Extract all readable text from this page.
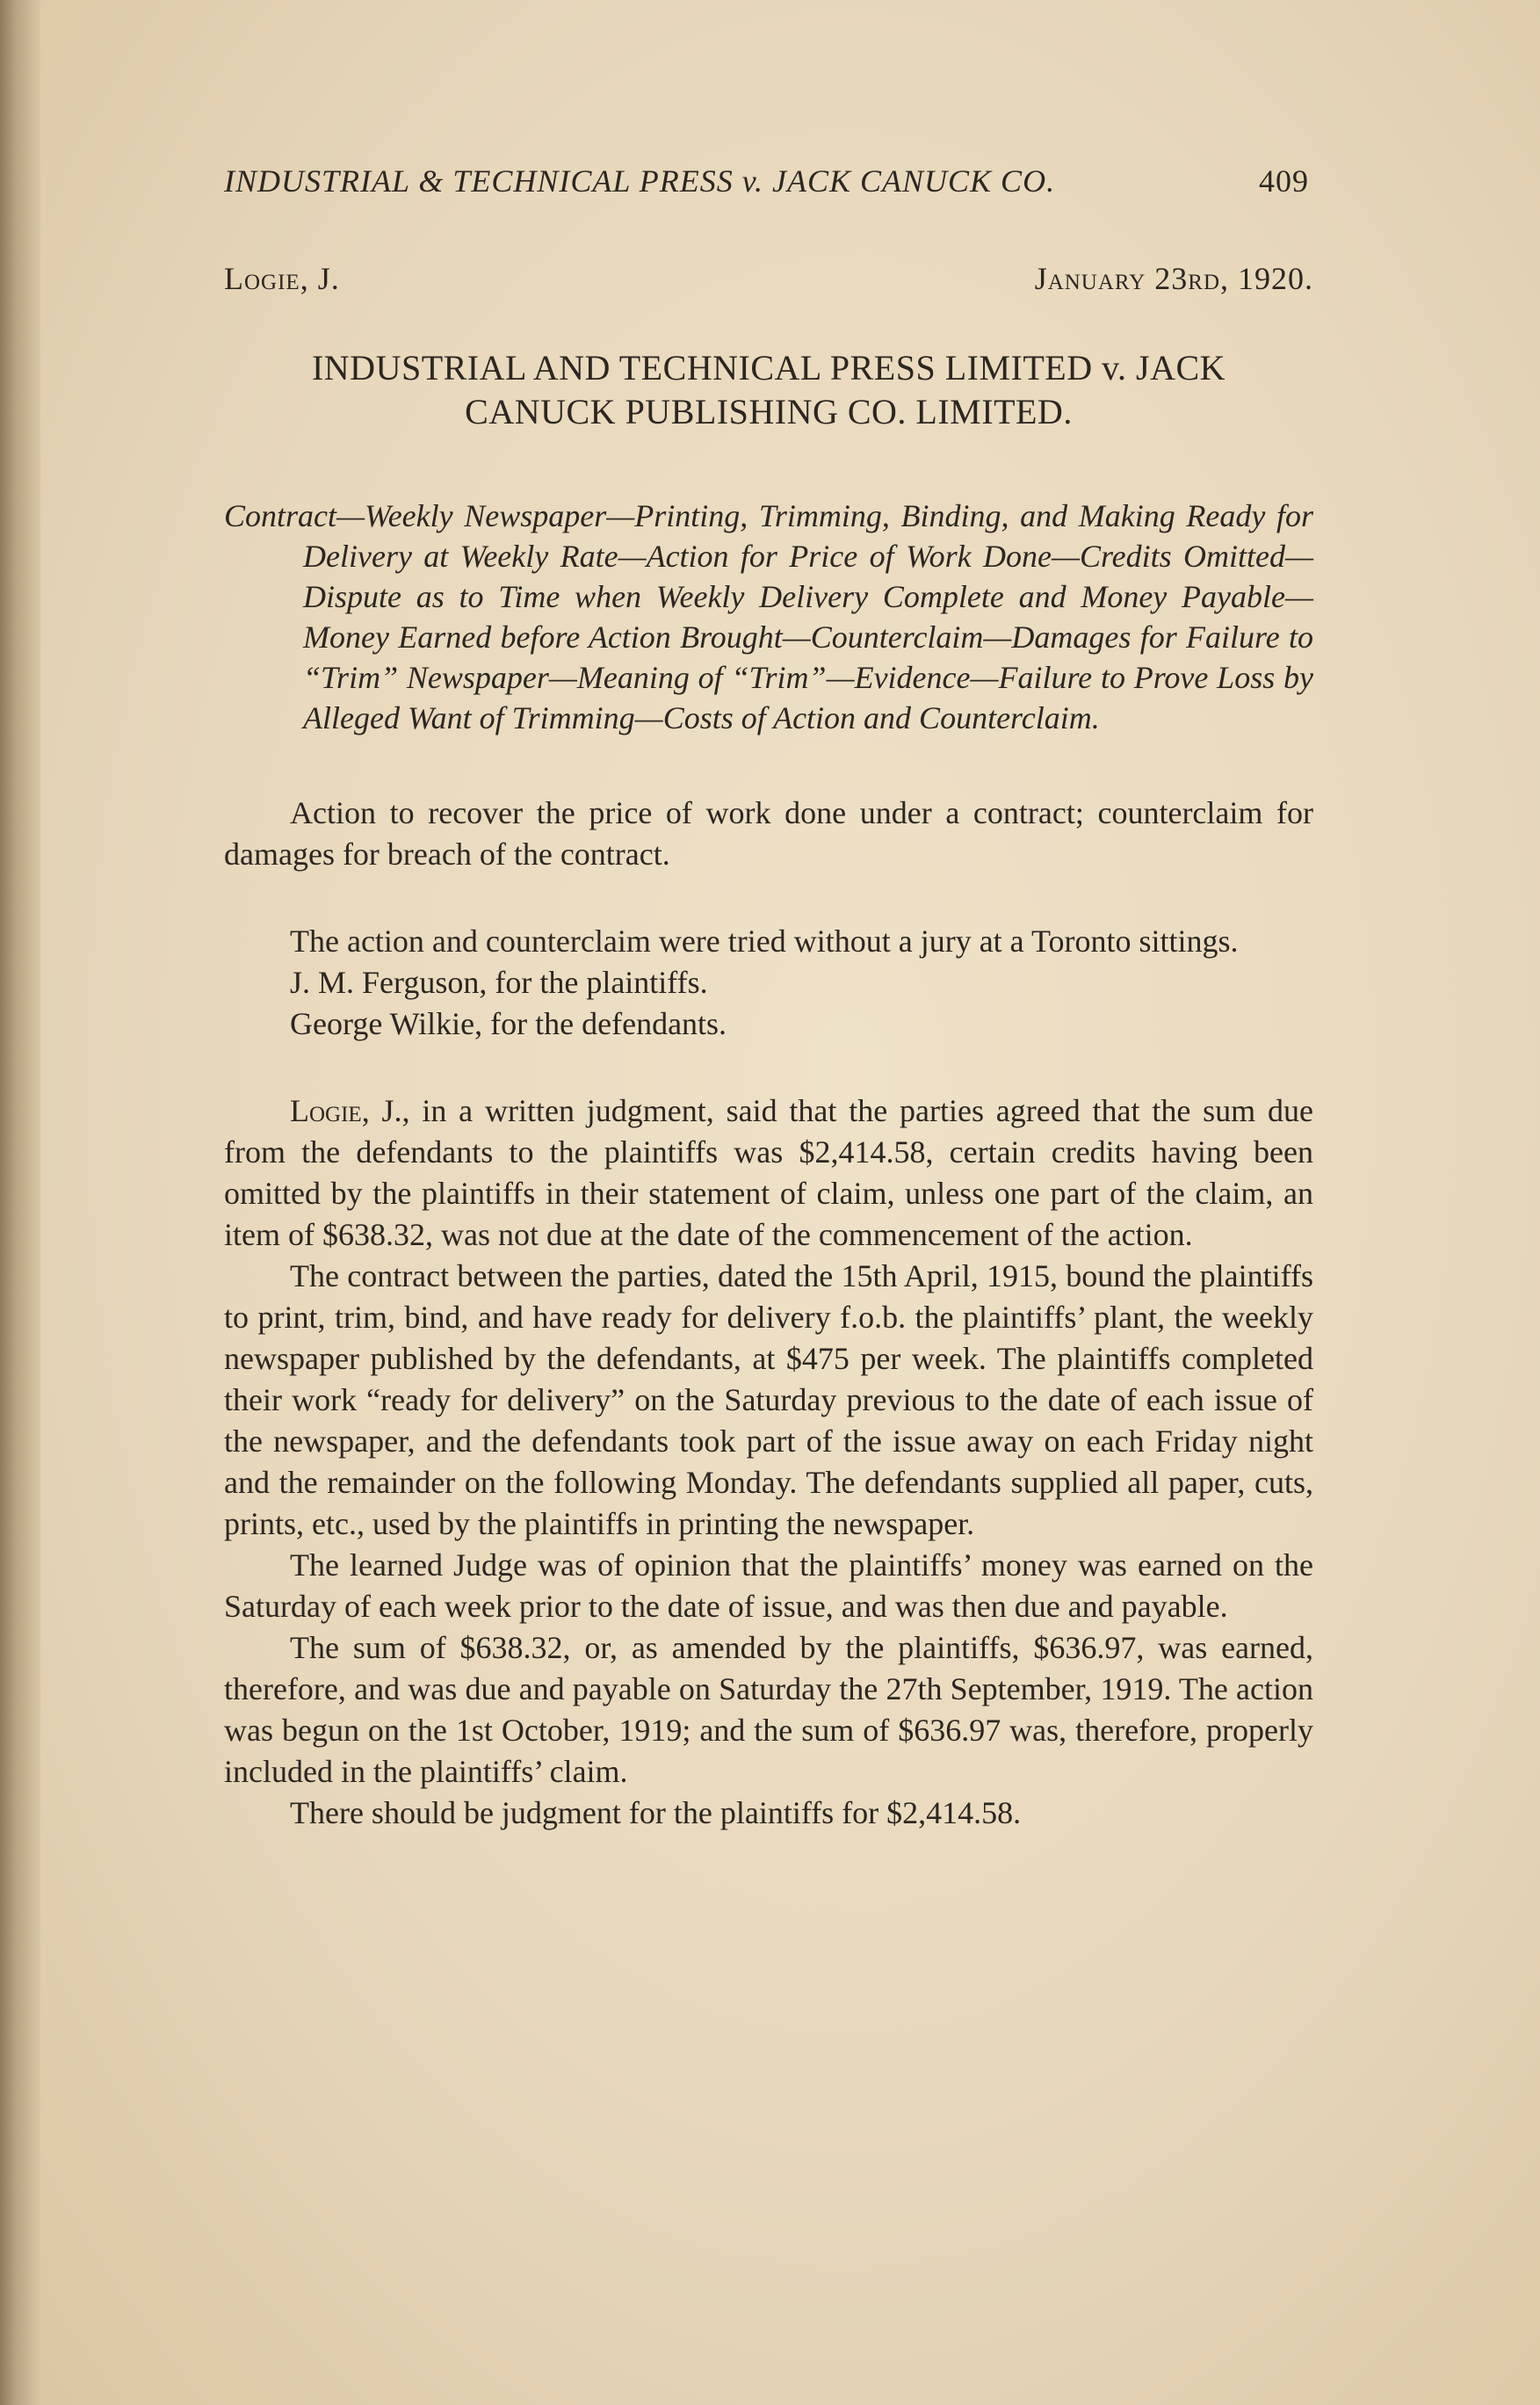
INDUSTRIAL & TECHNICAL PRESS v. JACK CANUCK CO.	409
Logie, J.	January 23rd, 1920.
INDUSTRIAL AND TECHNICAL PRESS LIMITED v. JACK
CANUCK PUBLISHING CO. LIMITED.
Contract—Weekly Newspaper—Printing, Trimming, Binding, and Making Ready for Delivery at Weekly Rate—Action for Price of Work Done—Credits Omitted—Dispute as to Time when Weekly Delivery Complete and Money Payable—Money Earned before Action Brought—Counterclaim—Damages for Failure to “Trim” Newspaper—Meaning of “Trim”—Evidence—Failure to Prove Loss by Alleged Want of Trimming—Costs of Action and Counterclaim.

Action to recover the price of work done under a contract; counterclaim for damages for breach of the contract.

The action and counterclaim were tried without a jury at a Toronto sittings.

J. M. Ferguson, for the plaintiffs.

George Wilkie, for the defendants.

Logie, J., in a written judgment, said that the parties agreed that the sum due from the defendants to the plaintiffs was $2,414.58, certain credits having been omitted by the plaintiffs in their statement of claim, unless one part of the claim, an item of $638.32, was not due at the date of the commencement of the action.

The contract between the parties, dated the 15th April, 1915, bound the plaintiffs to print, trim, bind, and have ready for delivery f.o.b. the plaintiffs’ plant, the weekly newspaper published by the defendants, at $475 per week. The plaintiffs completed their work “ready for delivery” on the Saturday previous to the date of each issue of the newspaper, and the defendants took part of the issue away on each Friday night and the remainder on the following Monday. The defendants supplied all paper, cuts, prints, etc., used by the plaintiffs in printing the newspaper.

The learned Judge was of opinion that the plaintiffs’ money was earned on the Saturday of each week prior to the date of issue, and was then due and payable.

The sum of $638.32, or, as amended by the plaintiffs, $636.97, was earned, therefore, and was due and payable on Saturday the 27th September, 1919. The action was begun on the 1st October, 1919; and the sum of $636.97 was, therefore, properly included in the plaintiffs’ claim.

There should be judgment for the plaintiffs for $2,414.58.
